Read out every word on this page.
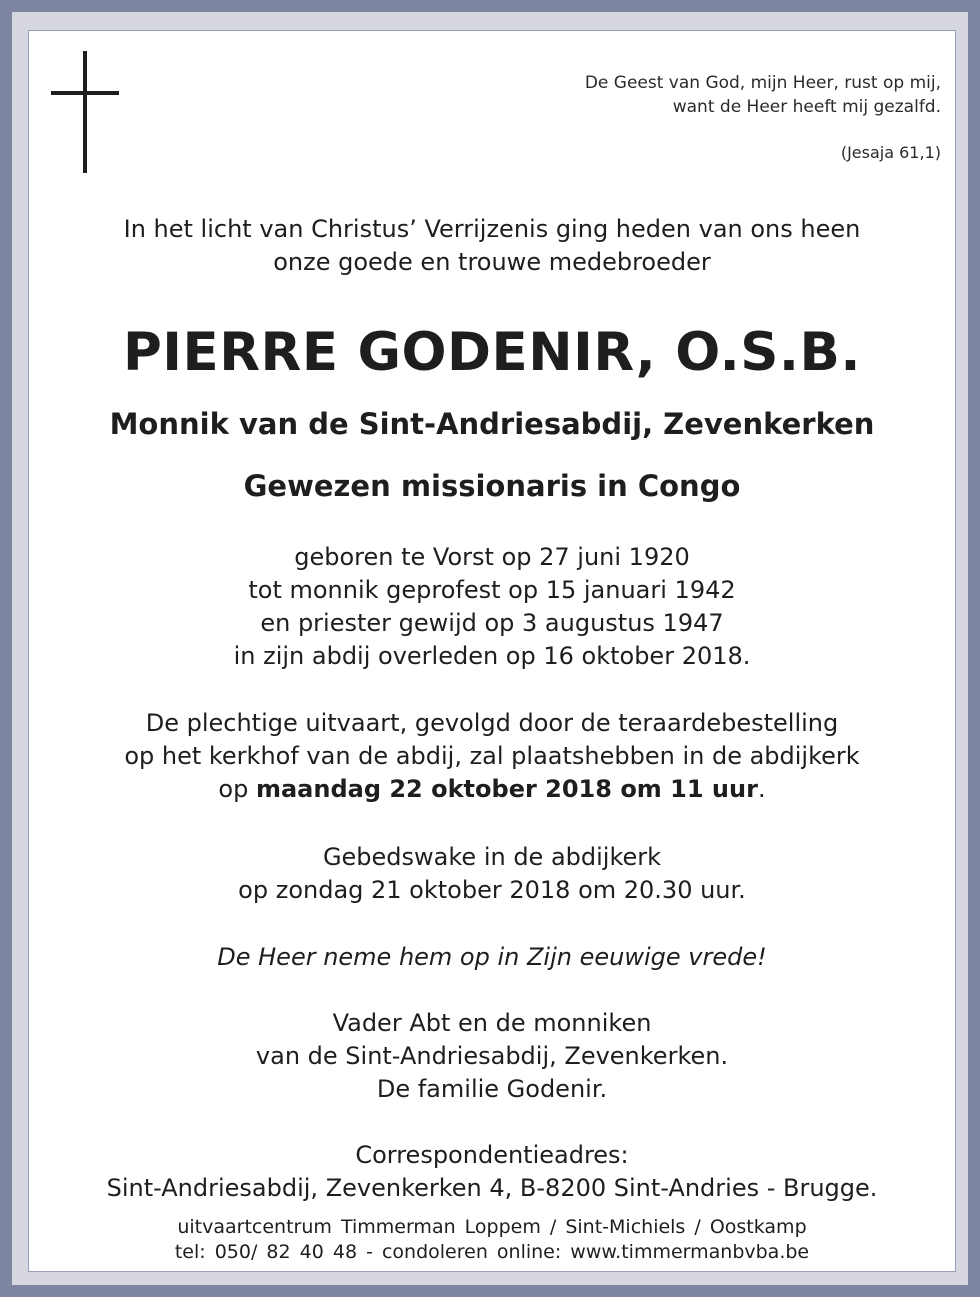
De Geest van God, mijn Heer, rust op mij,
want de Heer heeft mij gezalfd.
(Jesaja 61,1)
In het licht van Christus’ Verrijzenis ging heden van ons heen
onze goede en trouwe medebroeder
PIERRE GODENIR, O.S.B.
Monnik van de Sint-Andriesabdij, Zevenkerken
Gewezen missionaris in Congo
geboren te Vorst op 27 juni 1920
tot monnik geprofest op 15 januari 1942
en priester gewijd op 3 augustus 1947
in zijn abdij overleden op 16 oktober 2018.
De plechtige uitvaart, gevolgd door de teraardebestelling
op het kerkhof van de abdij, zal plaatshebben in de abdijkerk
op maandag 22 oktober 2018 om 11 uur.
Gebedswake in de abdijkerk
op zondag 21 oktober 2018 om 20.30 uur.
De Heer neme hem op in Zijn eeuwige vrede!
Vader Abt en de monniken
van de Sint-Andriesabdij, Zevenkerken.
De familie Godenir.
Correspondentieadres:
Sint-Andriesabdij, Zevenkerken 4, B-8200 Sint-Andries - Brugge.
uitvaartcentrum Timmerman Loppem / Sint-Michiels / Oostkamp
tel: 050/ 82 40 48 - condoleren online: www.timmermanbvba.be
